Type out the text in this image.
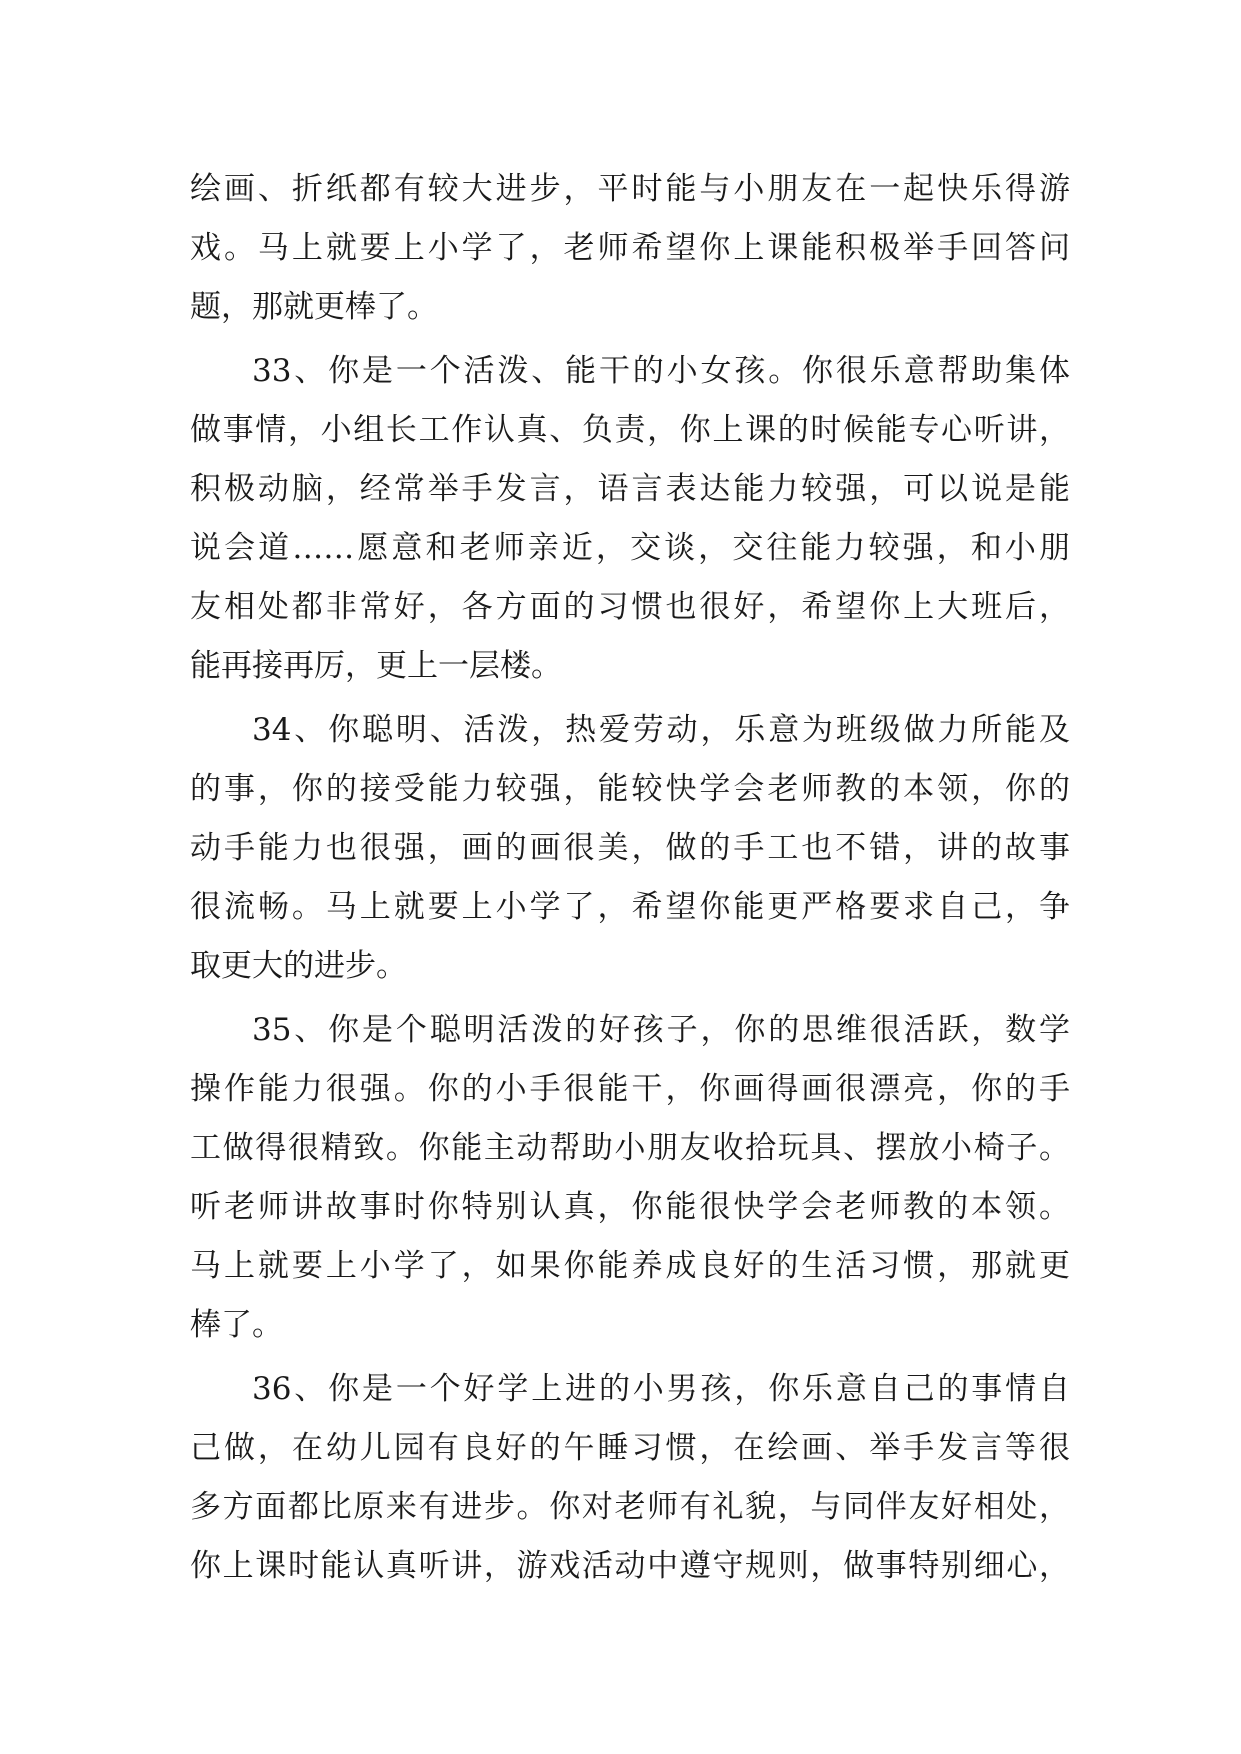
绘画、折纸都有较大进步，平时能与小朋友在一起快乐得游
戏。马上就要上小学了，老师希望你上课能积极举手回答问
题，那就更棒了。
33、你是一个活泼、能干的小女孩。你很乐意帮助集体
做事情，小组长工作认真、负责，你上课的时候能专心听讲，
积极动脑，经常举手发言，语言表达能力较强，可以说是能
说会道……愿意和老师亲近，交谈，交往能力较强，和小朋
友相处都非常好，各方面的习惯也很好，希望你上大班后，
能再接再厉，更上一层楼。
34、你聪明、活泼，热爱劳动，乐意为班级做力所能及
的事，你的接受能力较强，能较快学会老师教的本领，你的
动手能力也很强，画的画很美，做的手工也不错，讲的故事
很流畅。马上就要上小学了，希望你能更严格要求自己，争
取更大的进步。
35、你是个聪明活泼的好孩子，你的思维很活跃，数学
操作能力很强。你的小手很能干，你画得画很漂亮，你的手
工做得很精致。你能主动帮助小朋友收拾玩具、摆放小椅子。
听老师讲故事时你特别认真，你能很快学会老师教的本领。
马上就要上小学了，如果你能养成良好的生活习惯，那就更
棒了。
36、你是一个好学上进的小男孩，你乐意自己的事情自
己做，在幼儿园有良好的午睡习惯，在绘画、举手发言等很
多方面都比原来有进步。你对老师有礼貌，与同伴友好相处，
你上课时能认真听讲，游戏活动中遵守规则，做事特别细心，
